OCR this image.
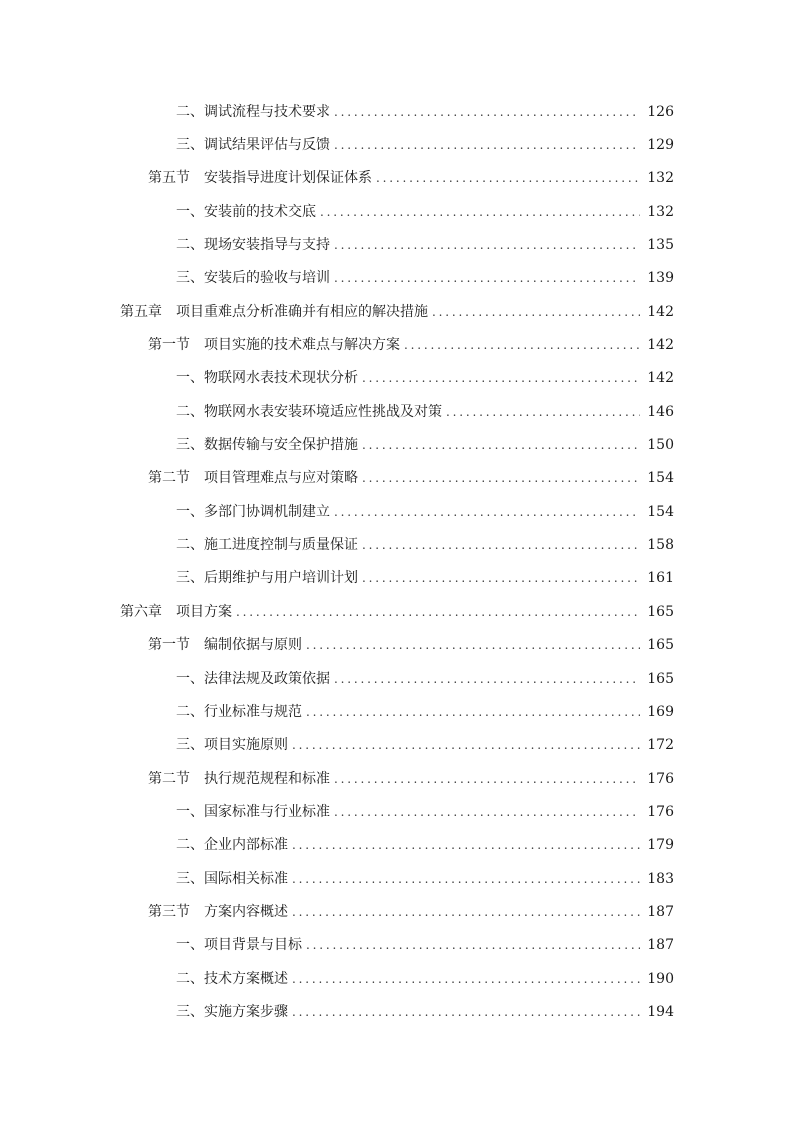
二、调试流程与技术要求 . . .	126
三、调试结果评估与反馈 . . .	129
第五节　安装指导进度计划保证体系 . . .	132
一、安装前的技术交底 . . .	132
二、现场安装指导与支持 . . .	135
三、安装后的验收与培训 . . .	139
第五章　项目重难点分析准确并有相应的解决措施 . . .	142
第一节　项目实施的技术难点与解决方案 . . .	142
一、物联网水表技术现状分析 . . .	142
二、物联网水表安装环境适应性挑战及对策 . . .	146
三、数据传输与安全保护措施 . . .	150
第二节　项目管理难点与应对策略 . . .	154
一、多部门协调机制建立 . . .	154
二、施工进度控制与质量保证 . . .	158
三、后期维护与用户培训计划 . . .	161
第六章　项目方案 . . .	165
第一节　编制依据与原则 . . .	165
一、法律法规及政策依据 . . .	165
二、行业标准与规范 . . .	169
三、项目实施原则 . . .	172
第二节　执行规范规程和标准 . . .	176
一、国家标准与行业标准 . . .	176
二、企业内部标准 . . .	179
三、国际相关标准 . . .	183
第三节　方案内容概述 . . .	187
一、项目背景与目标 . . .	187
二、技术方案概述 . . .	190
三、实施方案步骤 . . .	194
